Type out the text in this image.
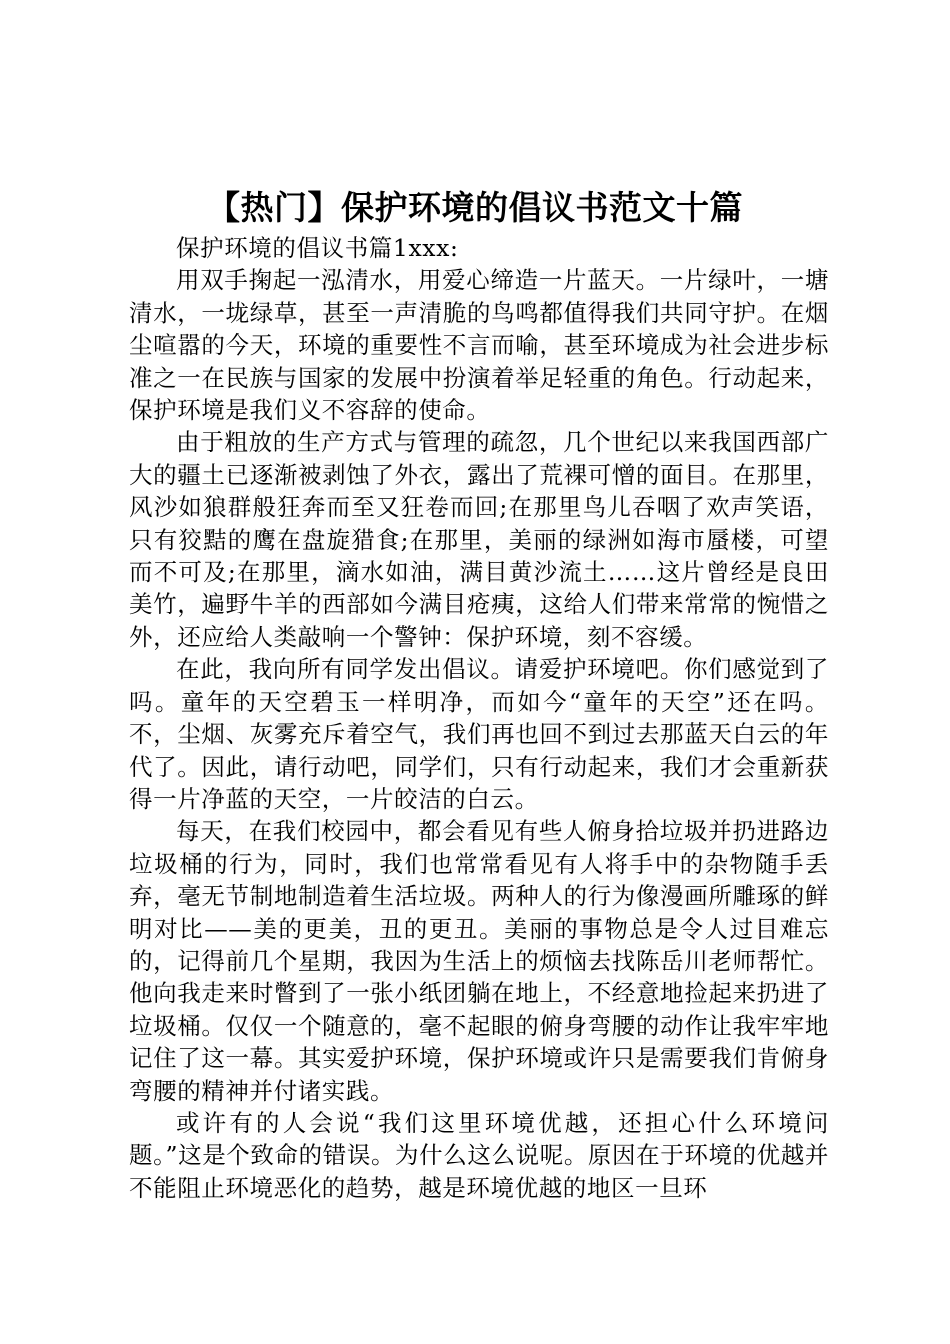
【热门】保护环境的倡议书范文十篇

保护环境的倡议书篇1xxx:

用双手掬起一泓清水，用爱心缔造一片蓝天。一片绿叶，一塘清水，一垅绿草，甚至一声清脆的鸟鸣都值得我们共同守护。在烟尘喧嚣的今天，环境的重要性不言而喻，甚至环境成为社会进步标准之一在民族与国家的发展中扮演着举足轻重的角色。行动起来，保护环境是我们义不容辞的使命。

由于粗放的生产方式与管理的疏忽，几个世纪以来我国西部广大的疆土已逐渐被剥蚀了外衣，露出了荒裸可憎的面目。在那里，风沙如狼群般狂奔而至又狂卷而回;在那里鸟儿吞咽了欢声笑语，只有狡黠的鹰在盘旋猎食;在那里，美丽的绿洲如海市蜃楼，可望而不可及;在那里，滴水如油，满目黄沙流土……这片曾经是良田美竹，遍野牛羊的西部如今满目疮痍，这给人们带来常常的惋惜之外，还应给人类敲响一个警钟：保护环境，刻不容缓。

在此，我向所有同学发出倡议。请爱护环境吧。你们感觉到了吗。童年的天空碧玉一样明净，而如今“童年的天空”还在吗。不，尘烟、灰雾充斥着空气，我们再也回不到过去那蓝天白云的年代了。因此，请行动吧，同学们，只有行动起来，我们才会重新获得一片净蓝的天空，一片皎洁的白云。

每天，在我们校园中，都会看见有些人俯身拾垃圾并扔进路边垃圾桶的行为，同时，我们也常常看见有人将手中的杂物随手丢弃，毫无节制地制造着生活垃圾。两种人的行为像漫画所雕琢的鲜明对比——美的更美，丑的更丑。美丽的事物总是令人过目难忘的，记得前几个星期，我因为生活上的烦恼去找陈岳川老师帮忙。他向我走来时瞥到了一张小纸团躺在地上，不经意地捡起来扔进了垃圾桶。仅仅一个随意的，毫不起眼的俯身弯腰的动作让我牢牢地记住了这一幕。其实爱护环境，保护环境或许只是需要我们肯俯身弯腰的精神并付诸实践。

或许有的人会说“我们这里环境优越，还担心什么环境问题。”这是个致命的错误。为什么这么说呢。原因在于环境的优越并不能阻止环境恶化的趋势，越是环境优越的地区一旦环
